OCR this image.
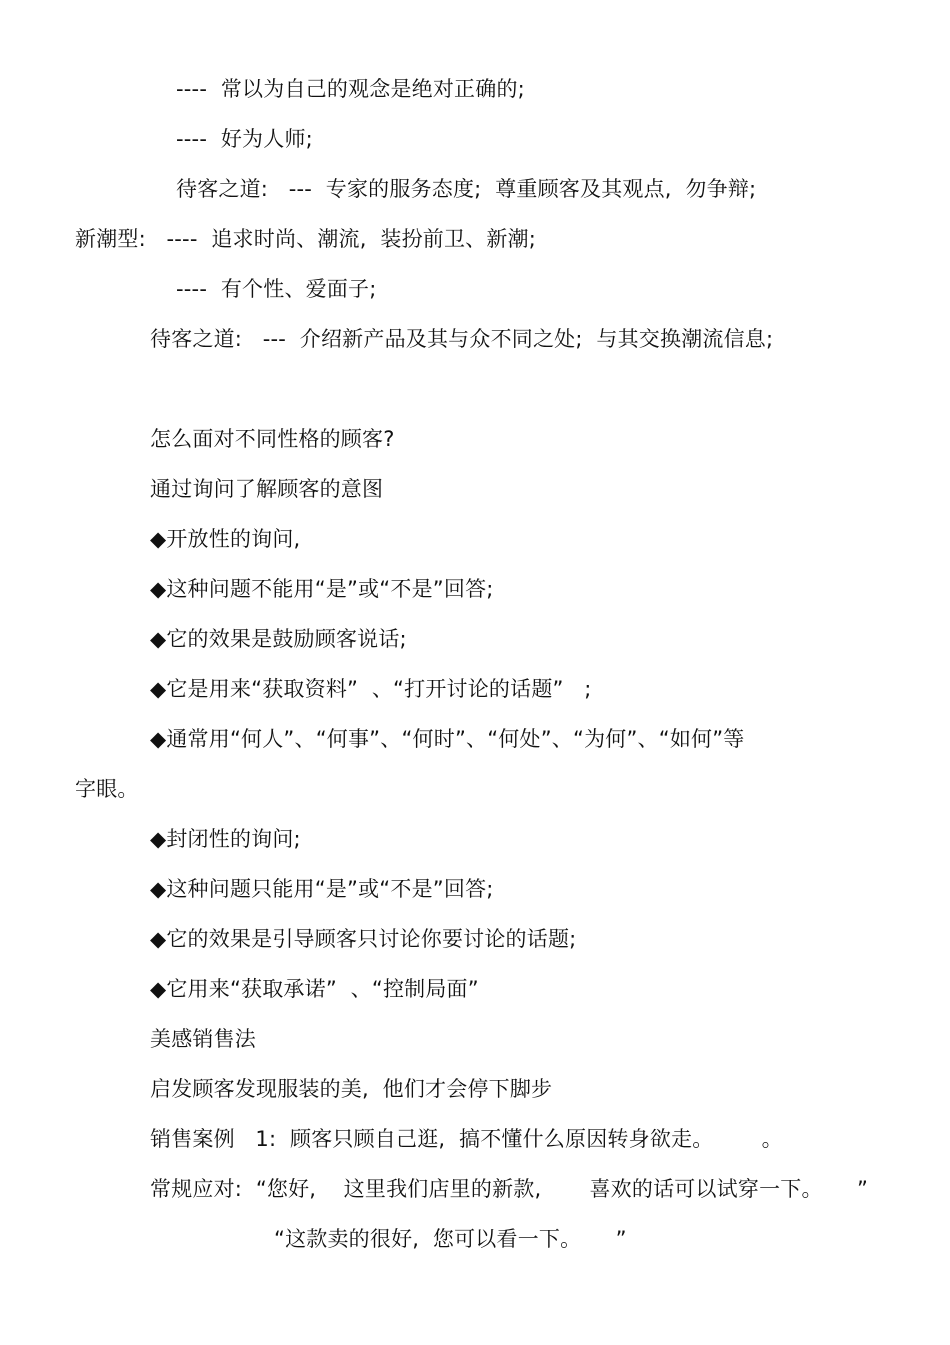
----  常以为自己的观念是绝对正确的;
----  好为人师;
待客之道:   ---  专家的服务态度;  尊重顾客及其观点,  勿争辩;
新潮型:   ----  追求时尚、潮流,  装扮前卫、新潮;
----  有个性、爱面子;
待客之道:   ---  介绍新产品及其与众不同之处;  与其交换潮流信息;
怎么面对不同性格的顾客?
通过询问了解顾客的意图
◆开放性的询问,
◆这种问题不能用“是”或“不是”回答;
◆它的效果是鼓励顾客说话;
◆它是用来“获取资料”  、“打开讨论的话题”   ;
◆通常用“何人”、“何事”、“何时”、“何处”、“为何”、“如何”等
字眼。
◆封闭性的询问;
◆这种问题只能用“是”或“不是”回答;
◆它的效果是引导顾客只讨论你要讨论的话题;
◆它用来“获取承诺”  、“控制局面”
美感销售法
启发顾客发现服装的美,  他们才会停下脚步
销售案例   1:  顾客只顾自己逛,  搞不懂什么原因转身欲走。       。
常规应对:  “您好,    这里我们店里的新款,       喜欢的话可以试穿一下。     ”
“这款卖的很好,  您可以看一下。     ”
